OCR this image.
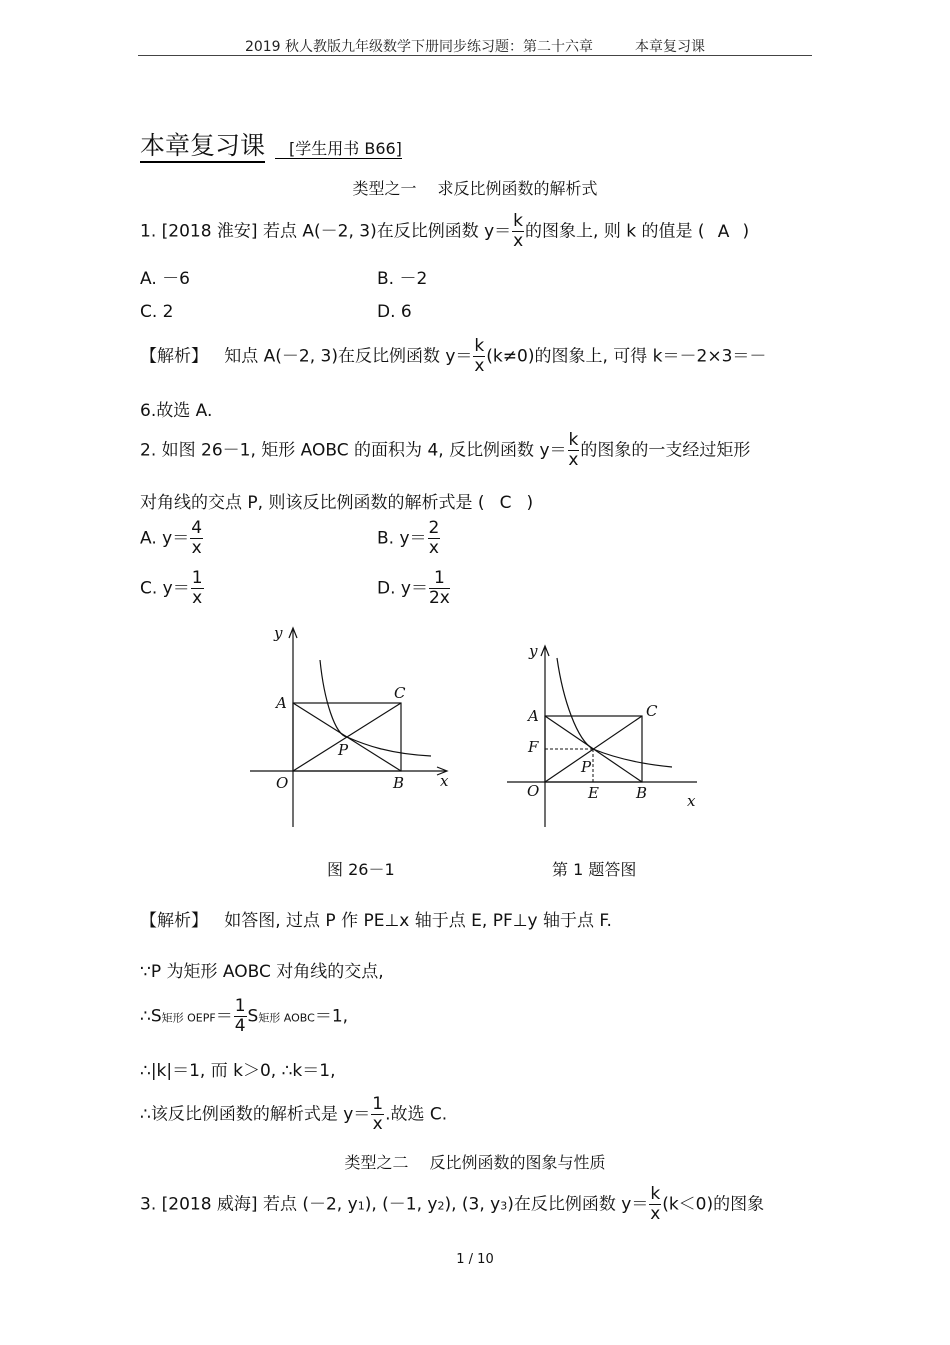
2019 秋人教版九年级数学下册同步练习题：第二十六章　　　本章复习课
本章复习课 [学生用书 B66]
类型之一　 求反比例函数的解析式
1. [2018 淮安] 若点 A(－2, 3)在反比例函数 $y= \frac{k}{x}$ 的图象上, 则 k 的值是 ( A )
A. －6	B. －2
C. 2	D. 6
【解析】 知点 A(－2, 3)在反比例函数 $y= \frac{k}{x} (k\ne 0)$的图象上, 可得 k＝－2×3＝－
6.故选 A.
2. 如图 26－1, 矩形 AOBC 的面积为 4, 反比例函数 $y= \frac{k}{x}$ 的图象的一支经过矩形
对角线的交点 P, 则该反比例函数的解析式是 ( C )
A. $y= \frac{4}{x}$	B. $y= \frac{2}{x}$
C. $y= \frac{1}{x}$	D. $y= \frac{1}{2x}$
y
x
A
C
P
O	B
y
x
A	C
F
P
O	E B
图 26－1	第 1 题答图
【解析】 如答图, 过点 P 作 PE⊥x 轴于点 E, PF⊥y 轴于点 F.
∵P 为矩形 AOBC 对角线的交点,
∴S矩形 OEPF＝ $\frac{1}{4}$ S矩形 AOBC＝1,
∴|k|＝1, 而 k＞0, ∴k＝1,
∴该反比例函数的解析式是 $y= \frac{1}{x}$ .故选 C.
类型之二　 反比例函数的图象与性质
3. [2018 威海] 若点 (－2, y1), (－1, y2), (3, y3)在反比例函数 $y= \frac{k}{x} (k<0)$的图象
1 / 10
